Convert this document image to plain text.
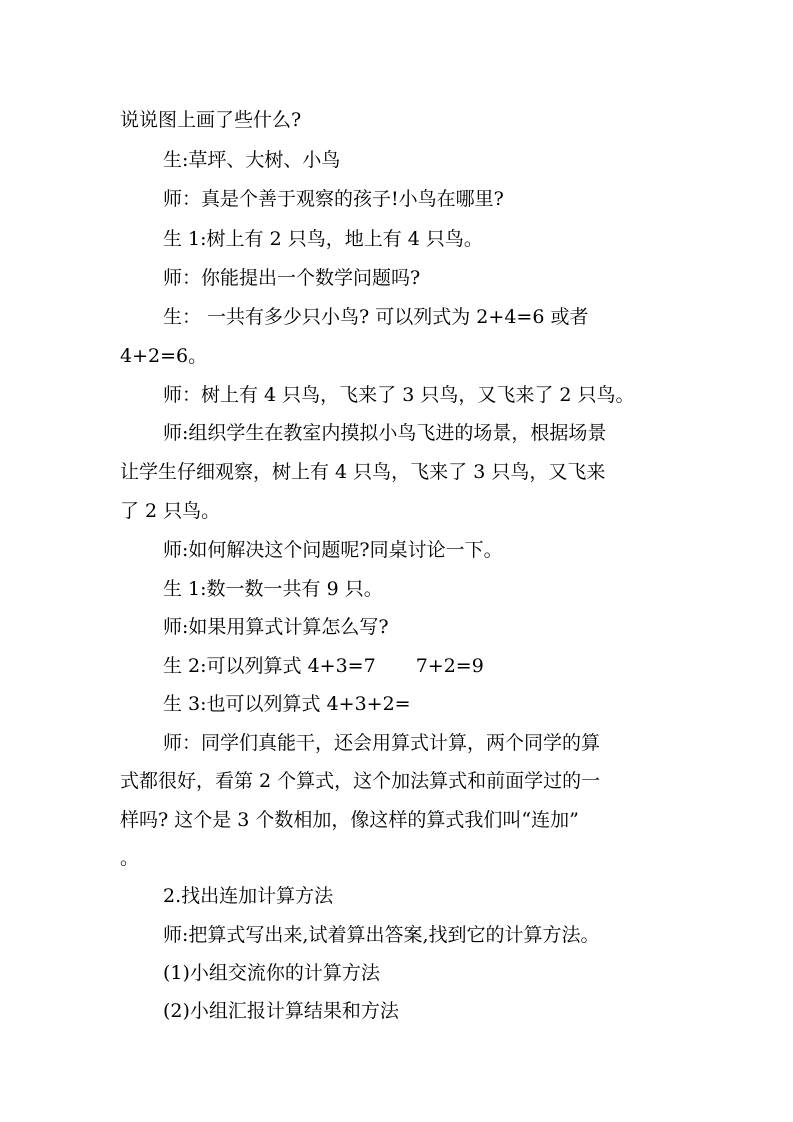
说说图上画了些什么?
生:草坪、大树、小鸟
师：真是个善于观察的孩子!小鸟在哪里?
生 1:树上有 2 只鸟，地上有 4 只鸟。
师：你能提出一个数学问题吗?
生： 一共有多少只小鸟? 可以列式为 2+4=6 或者
4+2=6。
师：树上有 4 只鸟，飞来了 3 只鸟，又飞来了 2 只鸟。
师:组织学生在教室内摸拟小鸟飞进的场景，根据场景
让学生仔细观察，树上有 4 只鸟，飞来了 3 只鸟，又飞来
了 2 只鸟。
师:如何解决这个问题呢?同桌讨论一下。
生 1:数一数一共有 9 只。
师:如果用算式计算怎么写?
生 2:可以列算式 4+3=7 7+2=9
生 3:也可以列算式 4+3+2=
师：同学们真能干，还会用算式计算，两个同学的算
式都很好，看第 2 个算式，这个加法算式和前面学过的一
样吗? 这个是 3 个数相加，像这样的算式我们叫“连加”
。
2.找出连加计算方法
师:把算式写出来,试着算出答案,找到它的计算方法。
(1)小组交流你的计算方法
(2)小组汇报计算结果和方法
